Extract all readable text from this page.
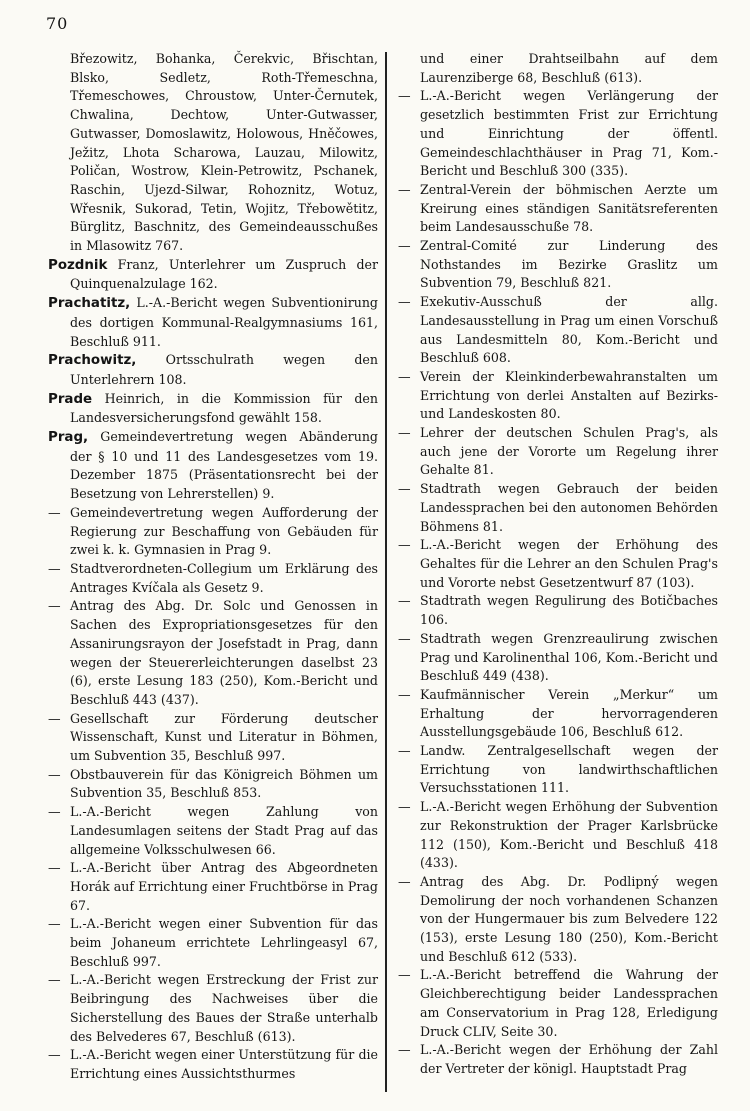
70

Březowitz, Bohanka, Čerekvic, Břischtan, Blsko, Sedletz, Roth-Třemeschna, Třemeschowes, Chroustow, Unter-Černutek, Chwalina, Dechtow, Unter-Gutwasser, Gutwasser, Domoslawitz, Holowous, Hněčowes, Ježitz, Lhota Scharowa, Lauzau, Milowitz, Poličan, Wostrow, Klein-Petrowitz, Pschanek, Raschin, Ujezd-Silwar, Rohoznitz, Wotuz, Wřesnik, Sukorad, Tetin, Wojitz, Třebowětitz, Bürglitz, Baschnitz, des Gemeindeausschußes in Mlasowitz 767.

Pozdnik Franz, Unterlehrer um Zuspruch der Quinquenalzulage 162.

Prachatitz, L.-A.-Bericht wegen Subventionirung des dortigen Kommunal-Realgymnasiums 161, Beschluß 911.

Prachowitz, Ortsschulrath wegen den Unterlehrern 108.

Prade Heinrich, in die Kommission für den Landesversicherungsfond gewählt 158.

Prag, Gemeindevertretung wegen Abänderung der § 10 und 11 des Landesgesetzes vom 19. Dezember 1875 (Präsentationsrecht bei der Besetzung von Lehrerstellen) 9.

— Gemeindevertretung wegen Aufforderung der Regierung zur Beschaffung von Gebäuden für zwei k. k. Gymnasien in Prag 9.

— Stadtverordneten-Collegium um Erklärung des Antrages Kvíčala als Gesetz 9.

— Antrag des Abg. Dr. Solc und Genossen in Sachen des Expropriationsgesetzes für den Assanirungsrayon der Josefstadt in Prag, dann wegen der Steuererleichterungen daselbst 23 (6), erste Lesung 183 (250), Kom.-Bericht und Beschluß 443 (437).

— Gesellschaft zur Förderung deutscher Wissenschaft, Kunst und Literatur in Böhmen, um Subvention 35, Beschluß 997.

— Obstbauverein für das Königreich Böhmen um Subvention 35, Beschluß 853.

— L.-A.-Bericht wegen Zahlung von Landesumlagen seitens der Stadt Prag auf das allgemeine Volksschulwesen 66.

— L.-A.-Bericht über Antrag des Abgeordneten Horák auf Errichtung einer Fruchtbörse in Prag 67.

— L.-A.-Bericht wegen einer Subvention für das beim Johaneum errichtete Lehrlingeasyl 67, Beschluß 997.

— L.-A.-Bericht wegen Erstreckung der Frist zur Beibringung des Nachweises über die Sicherstellung des Baues der Straße unterhalb des Belvederes 67, Beschluß (613).

— L.-A.-Bericht wegen einer Unterstützung für die Errichtung eines Aussichtsthurmes

und einer Drahtseilbahn auf dem Laurenziberge 68, Beschluß (613).

— L.-A.-Bericht wegen Verlängerung der gesetzlich bestimmten Frist zur Errichtung und Einrichtung der öffentl. Gemeindeschlachthäuser in Prag 71, Kom.-Bericht und Beschluß 300 (335).

— Zentral-Verein der böhmischen Aerzte um Kreirung eines ständigen Sanitätsreferenten beim Landesausschuße 78.

— Zentral-Comité zur Linderung des Nothstandes im Bezirke Graslitz um Subvention 79, Beschluß 821.

— Exekutiv-Ausschuß der allg. Landesausstellung in Prag um einen Vorschuß aus Landesmitteln 80, Kom.-Bericht und Beschluß 608.

— Verein der Kleinkinderbewahranstalten um Errichtung von derlei Anstalten auf Bezirks- und Landeskosten 80.

— Lehrer der deutschen Schulen Prag's, als auch jene der Vororte um Regelung ihrer Gehalte 81.

— Stadtrath wegen Gebrauch der beiden Landessprachen bei den autonomen Behörden Böhmens 81.

— L.-A.-Bericht wegen der Erhöhung des Gehaltes für die Lehrer an den Schulen Prag's und Vororte nebst Gesetzentwurf 87 (103).

— Stadtrath wegen Regulirung des Botičbaches 106.

— Stadtrath wegen Grenzreaulirung zwischen Prag und Karolinenthal 106, Kom.-Bericht und Beschluß 449 (438).

— Kaufmännischer Verein „Merkur“ um Erhaltung der hervorragenderen Ausstellungsgebäude 106, Beschluß 612.

— Landw. Zentralgesellschaft wegen der Errichtung von landwirthschaftlichen Versuchsstationen 111.

— L.-A.-Bericht wegen Erhöhung der Subvention zur Rekonstruktion der Prager Karlsbrücke 112 (150), Kom.-Bericht und Beschluß 418 (433).

— Antrag des Abg. Dr. Podlipný wegen Demolirung der noch vorhandenen Schanzen von der Hungermauer bis zum Belvedere 122 (153), erste Lesung 180 (250), Kom.-Bericht und Beschluß 612 (533).

— L.-A.-Bericht betreffend die Wahrung der Gleichberechtigung beider Landessprachen am Conservatorium in Prag 128, Erledigung Druck CLIV, Seite 30.

— L.-A.-Bericht wegen der Erhöhung der Zahl der Vertreter der königl. Hauptstadt Prag
